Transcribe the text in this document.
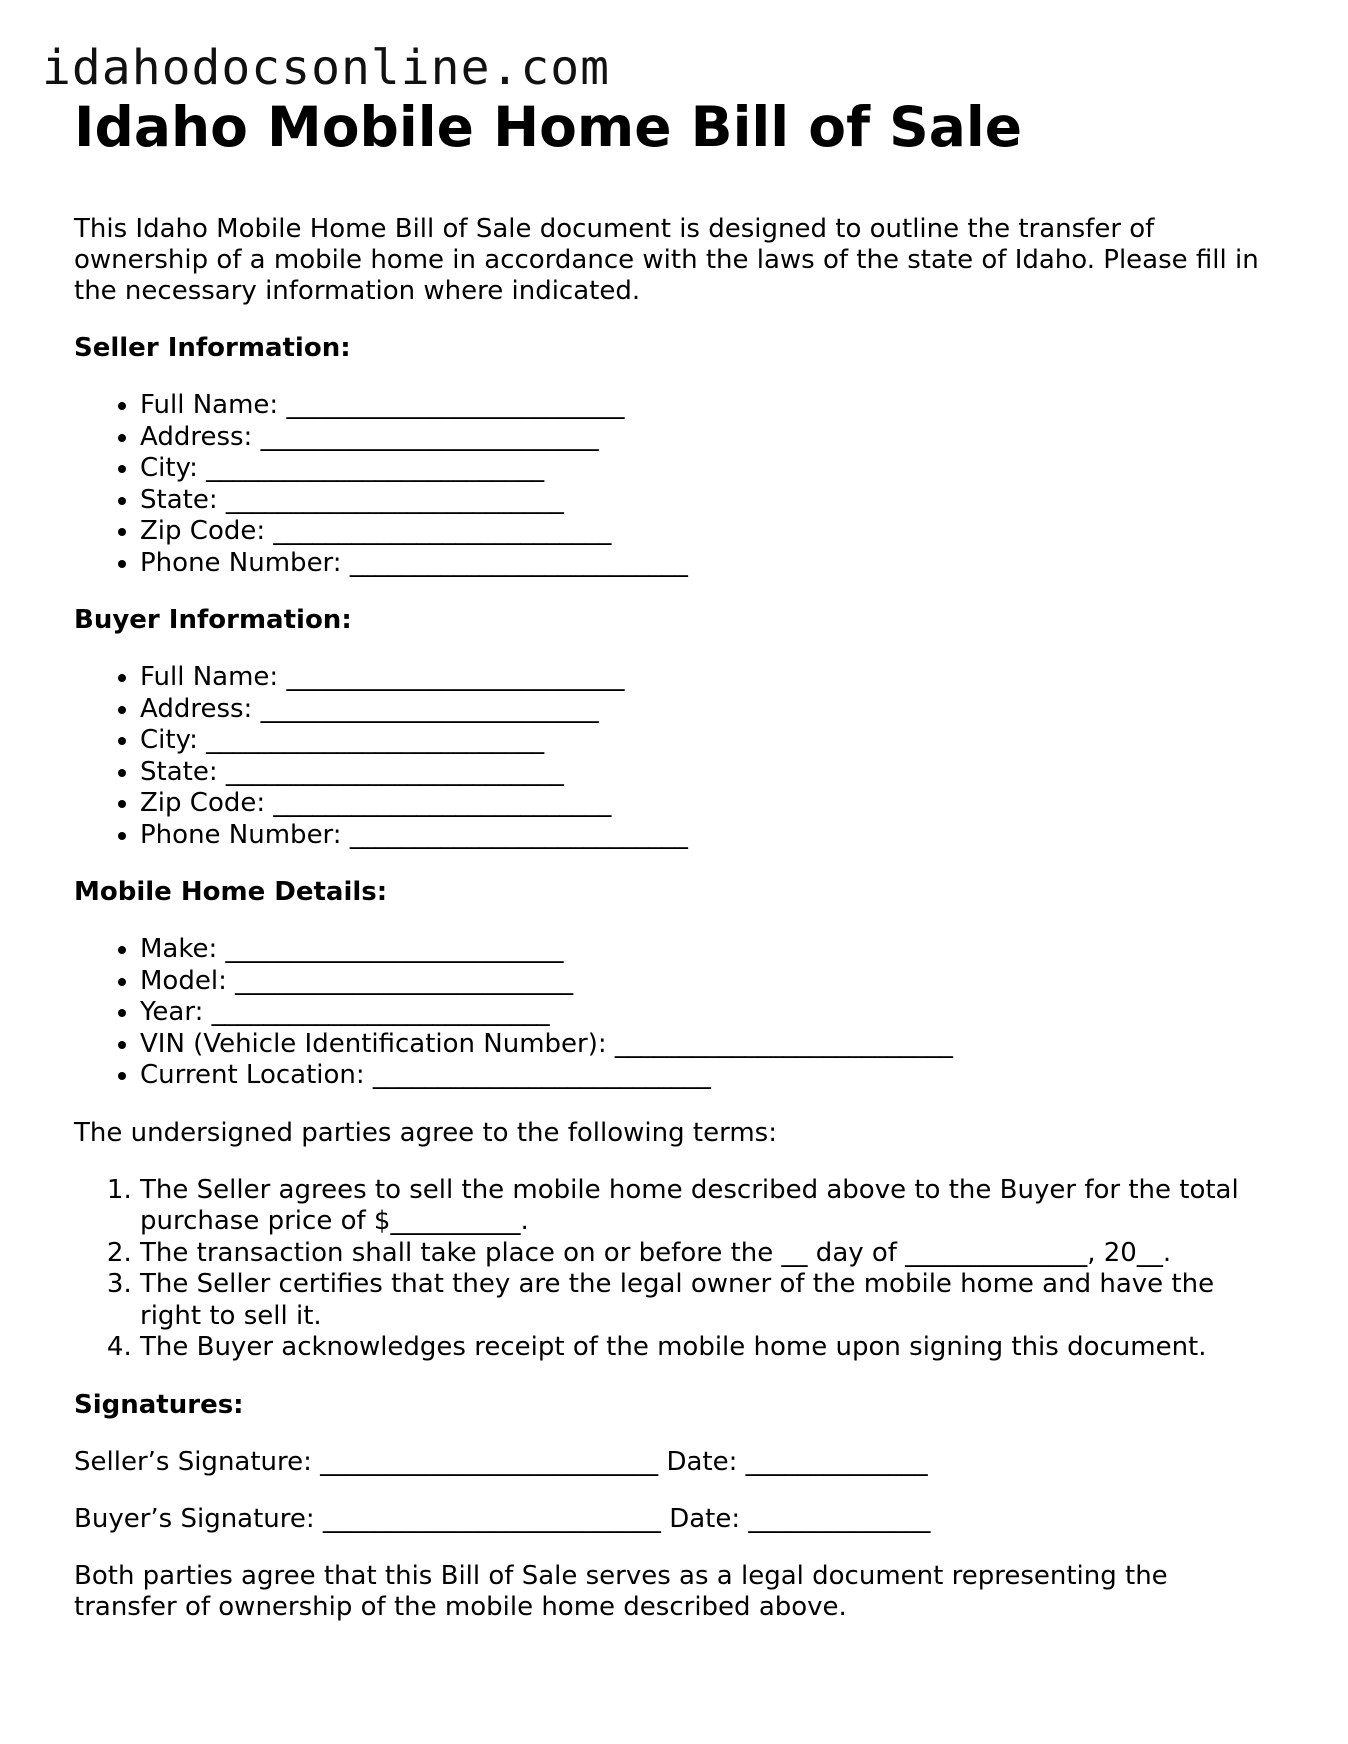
idahodocsonline.com
Idaho Mobile Home Bill of Sale

This Idaho Mobile Home Bill of Sale document is designed to outline the transfer of ownership of a mobile home in accordance with the laws of the state of Idaho. Please fill in the necessary information where indicated.

Seller Information:
• Full Name: __________________________
• Address: __________________________
• City: __________________________
• State: __________________________
• Zip Code: __________________________
• Phone Number: __________________________
Buyer Information:
• Full Name: __________________________
• Address: __________________________
• City: __________________________
• State: __________________________
• Zip Code: __________________________
• Phone Number: __________________________
Mobile Home Details:
• Make: __________________________
• Model: __________________________
• Year: __________________________
• VIN (Vehicle Identification Number): __________________________
• Current Location: __________________________

The undersigned parties agree to the following terms:

1. The Seller agrees to sell the mobile home described above to the Buyer for the total purchase price of $__________.
2. The transaction shall take place on or before the __ day of ______________, 20__.
3. The Seller certifies that they are the legal owner of the mobile home and have the right to sell it.
4. The Buyer acknowledges receipt of the mobile home upon signing this document.
Signatures:
Seller’s Signature: __________________________ Date: ______________
Buyer’s Signature: __________________________ Date: ______________

Both parties agree that this Bill of Sale serves as a legal document representing the transfer of ownership of the mobile home described above.
